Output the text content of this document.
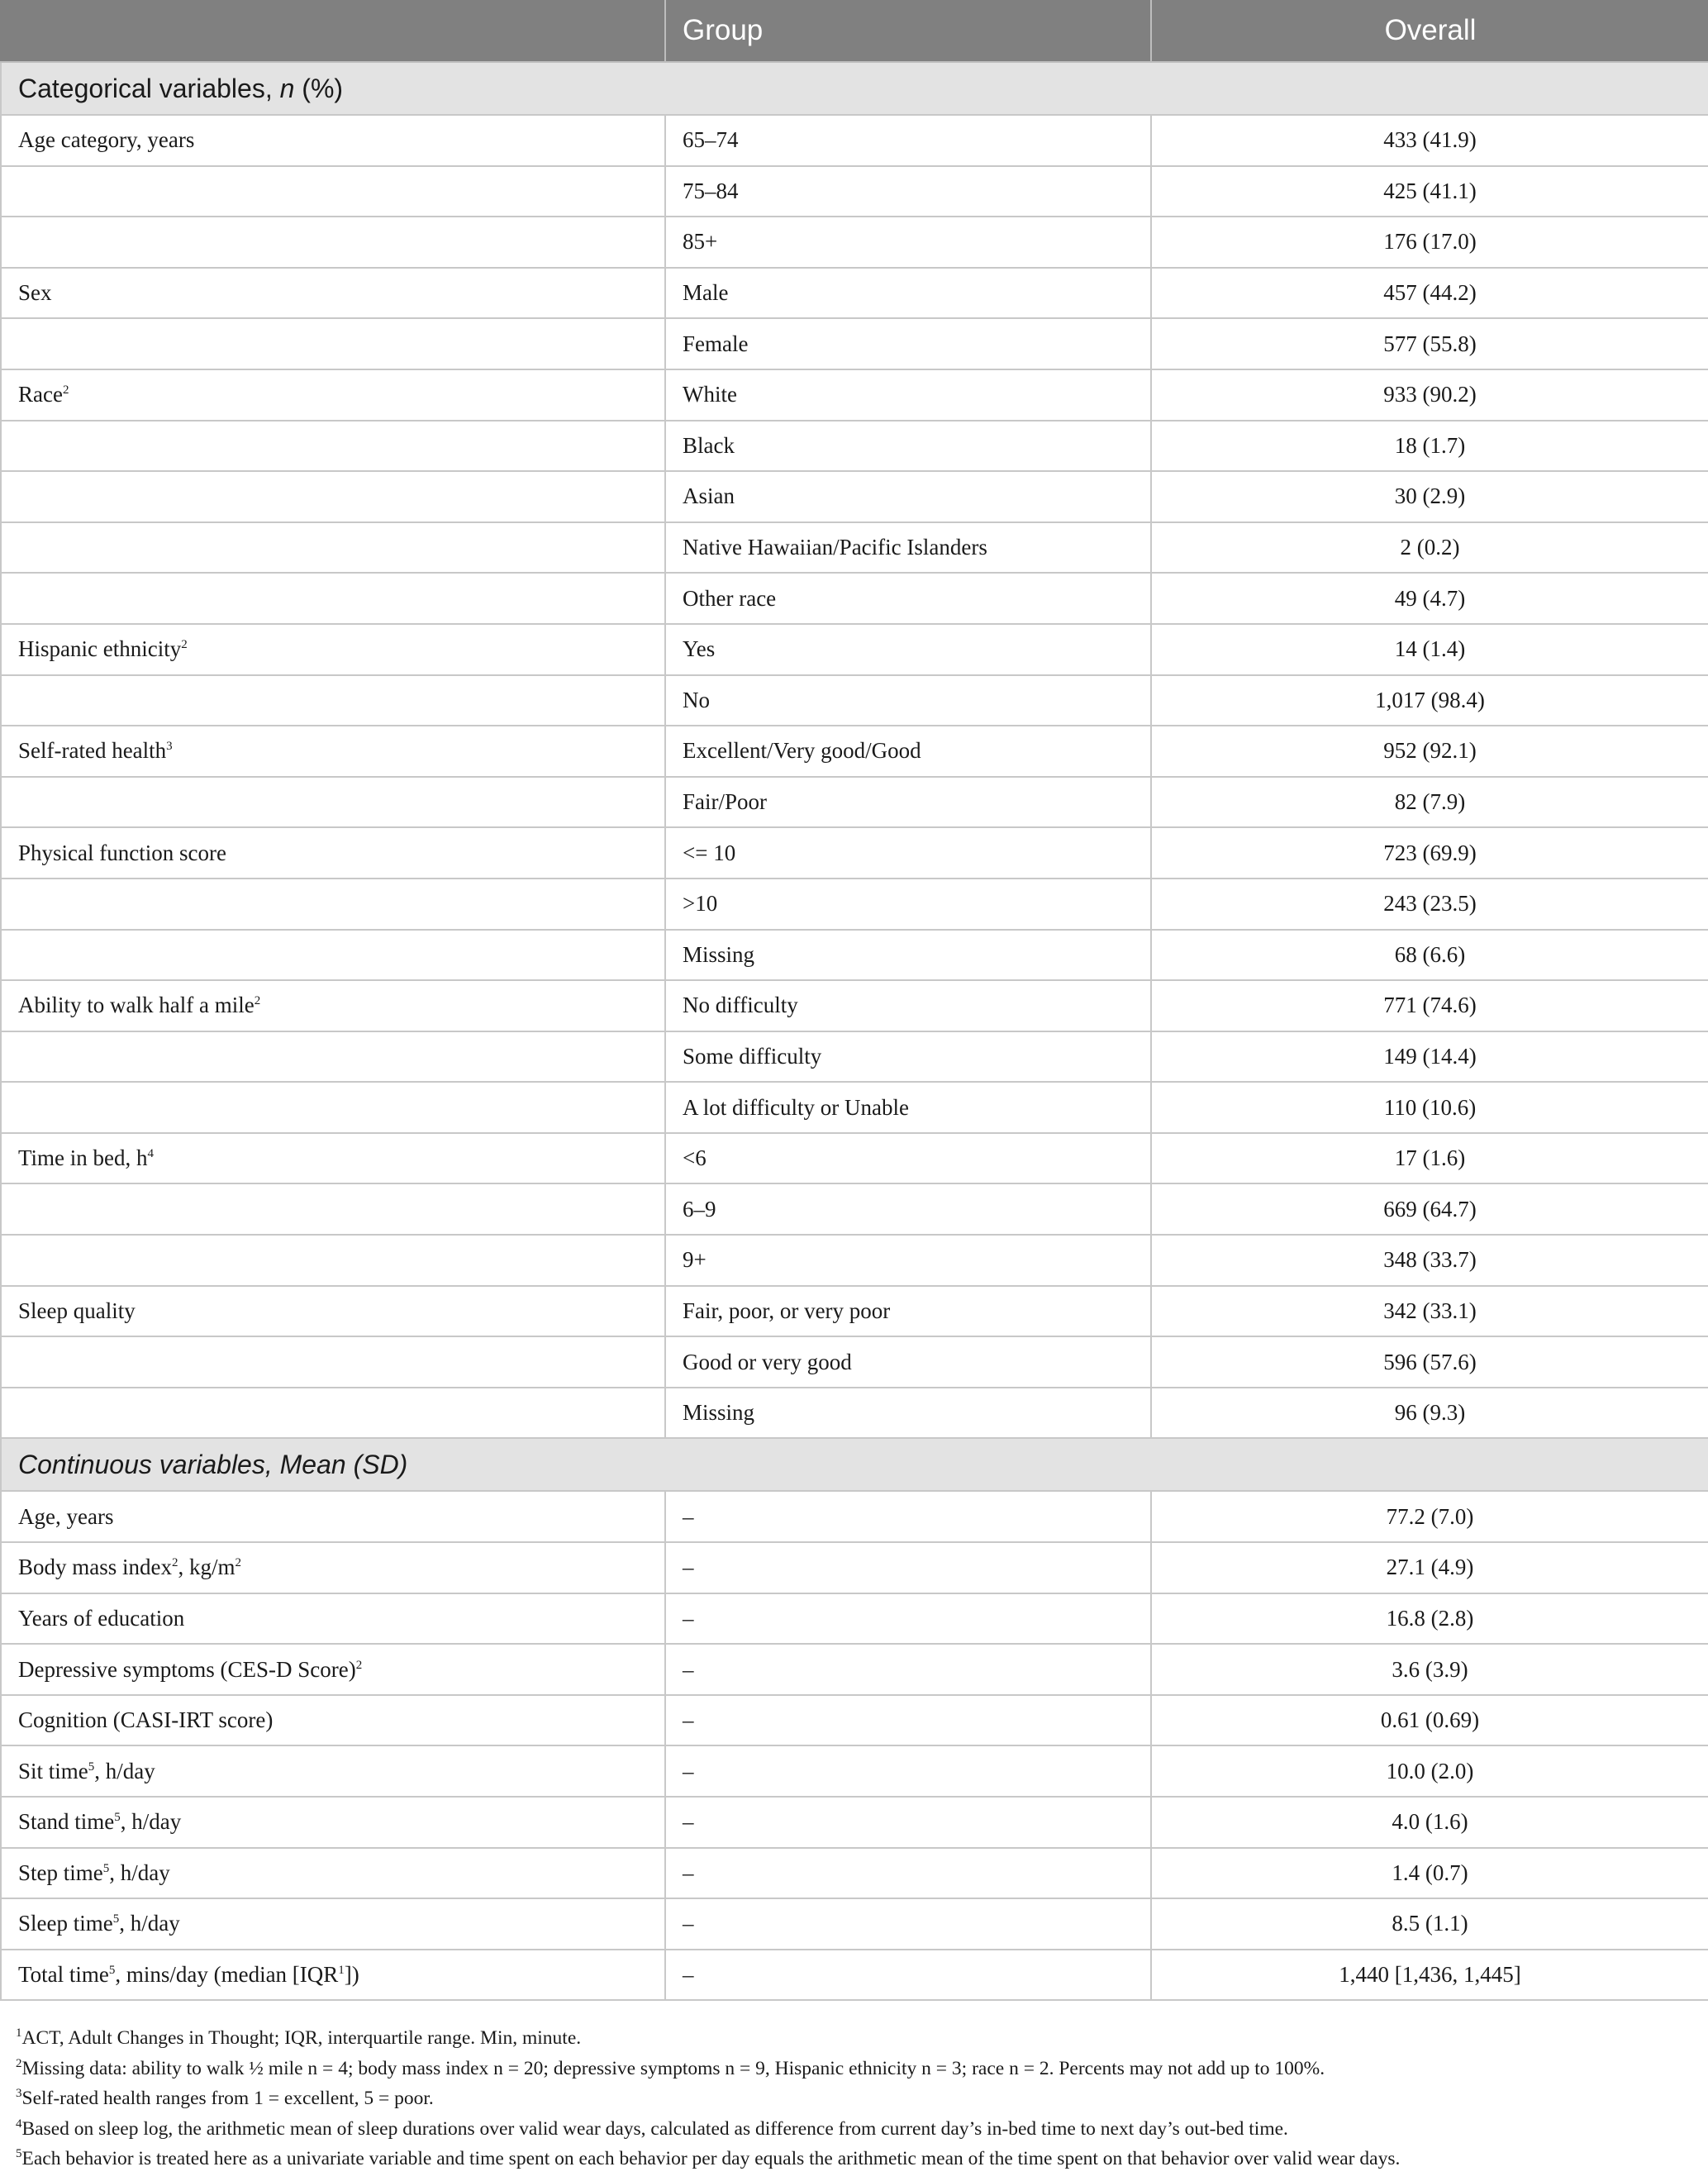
	Group	Overall
Categorical variables, n (%)		
Age category, years	65–74	433 (41.9)
	75–84	425 (41.1)
	85+	176 (17.0)
Sex	Male	457 (44.2)
	Female	577 (55.8)
Race$^2$	White	933 (90.2)
	Black	18 (1.7)
	Asian	30 (2.9)
	Native Hawaiian/Pacific Islanders	2 (0.2)
	Other race	49 (4.7)
Hispanic ethnicity$^2$	Yes	14 (1.4)
	No	1,017 (98.4)
Self-rated health$^3$	Excellent/Very good/Good	952 (92.1)
	Fair/Poor	82 (7.9)
Physical function score	<= 10	723 (69.9)
	>10	243 (23.5)
	Missing	68 (6.6)
Ability to walk half a mile$^2$	No difficulty	771 (74.6)
	Some difficulty	149 (14.4)
	A lot difficulty or Unable	110 (10.6)
Time in bed, $h^4$	<6	17 (1.6)
	6–9	669 (64.7)
	9+	348 (33.7)
Sleep quality	Fair, poor, or very poor	342 (33.1)
	Good or very good	596 (57.6)
	Missing	96 (9.3)
Continuous variables, Mean (SD)		
Age, years	–	77.2 (7.0)
Body mass index$^2$, $kg/m^2$	–	27.1 (4.9)
Years of education	–	16.8 (2.8)
Depressive symptoms (CES-D Score)$^2$	–	3.6 (3.9)
Cognition (CASI-IRT score)	–	0.61 (0.69)
Sit time$^5$, h/day	–	10.0 (2.0)
Stand time$^5$, h/day	–	4.0 (1.6)
Step time$^5$, h/day	–	1.4 (0.7)
Sleep time$^5$, h/day	–	8.5 (1.1)
Total time$^5$, mins/day (median [IQR$^1$])	–	1,440 [1,436, 1,445]

$^1$ACT, Adult Changes in Thought; IQR, interquartile range. Min, minute.

$^2$Missing data: ability to walk ½ mile n = 4; body mass index n = 20; depressive symptoms n = 9, Hispanic ethnicity n = 3; race n = 2. Percents may not add up to 100%.

$^3$Self-rated health ranges from 1 = excellent, 5 = poor.

$^4$Based on sleep log, the arithmetic mean of sleep durations over valid wear days, calculated as difference from current day’s in-bed time to next day’s out-bed time.

$^5$Each behavior is treated here as a univariate variable and time spent on each behavior per day equals the arithmetic mean of the time spent on that behavior over valid wear days.
